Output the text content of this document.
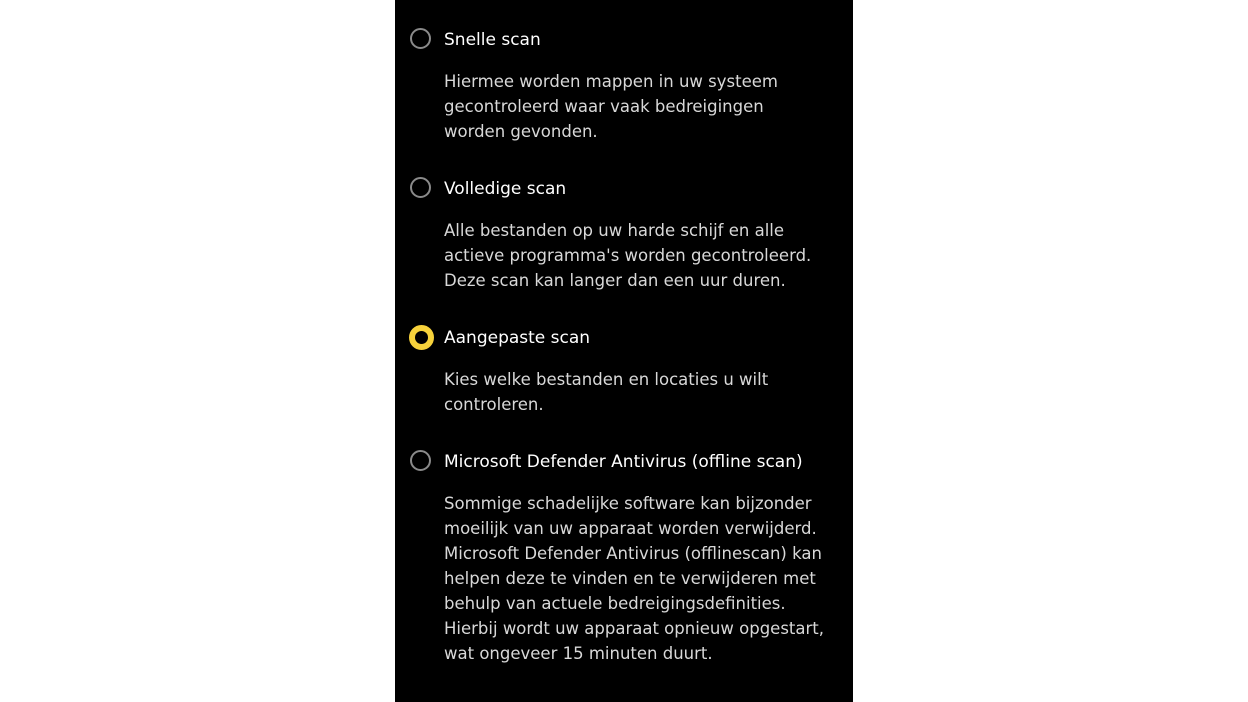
Snelle scan
Hiermee worden mappen in uw systeem gecontroleerd waar vaak bedreigingen worden gevonden.
Volledige scan
Alle bestanden op uw harde schijf en alle actieve programma's worden gecontroleerd. Deze scan kan langer dan een uur duren.
Aangepaste scan
Kies welke bestanden en locaties u wilt controleren.
Microsoft Defender Antivirus (offline scan)
Sommige schadelijke software kan bijzonder moeilijk van uw apparaat worden verwijderd. Microsoft Defender Antivirus (offlinescan) kan helpen deze te vinden en te verwijderen met behulp van actuele bedreigingsdefinities. Hierbij wordt uw apparaat opnieuw opgestart, wat ongeveer 15 minuten duurt.
